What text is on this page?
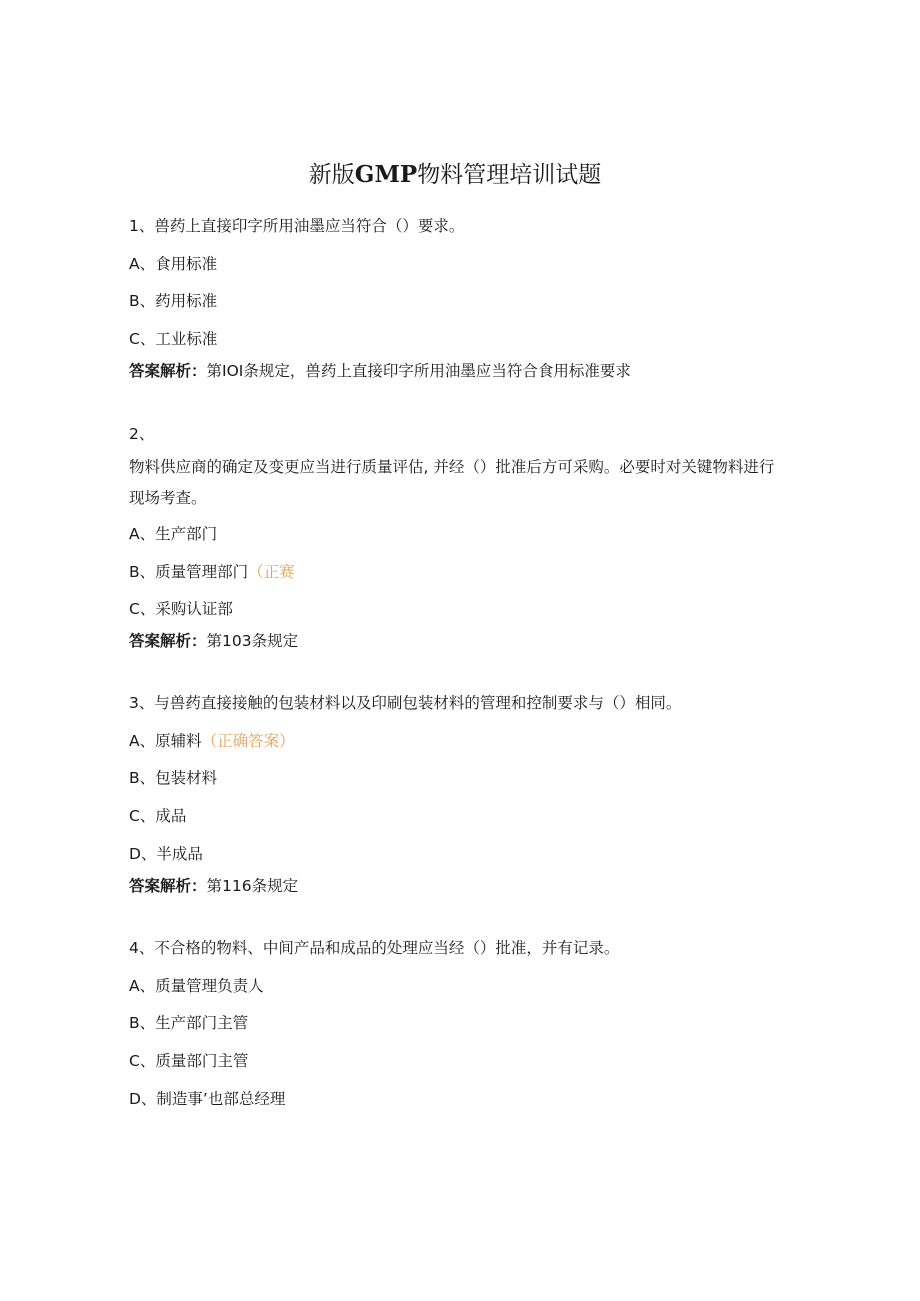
新版GMP物料管理培训试题
1、兽药上直接印字所用油墨应当符合（）要求。
A、食用标准
B、药用标准
C、工业标准
答案解析：第IOI条规定，兽药上直接印字所用油墨应当符合食用标准要求
2、
物料供应商的确定及变更应当进行质量评估, 并经（）批准后方可采购。必要时对关键物料进行现场考查。
A、生产部门
B、质量管理部门（正赛
C、采购认证部
答案解析：第103条规定
3、与兽药直接接触的包装材料以及印刷包装材料的管理和控制要求与（）相同。
A、原辅料（正确答案）
B、包装材料
C、成品
D、半成品
答案解析：第116条规定
4、不合格的物料、中间产品和成品的处理应当经（）批准，并有记录。
A、质量管理负责人
B、生产部门主管
C、质量部门主管
D、制造事’也部总经理
